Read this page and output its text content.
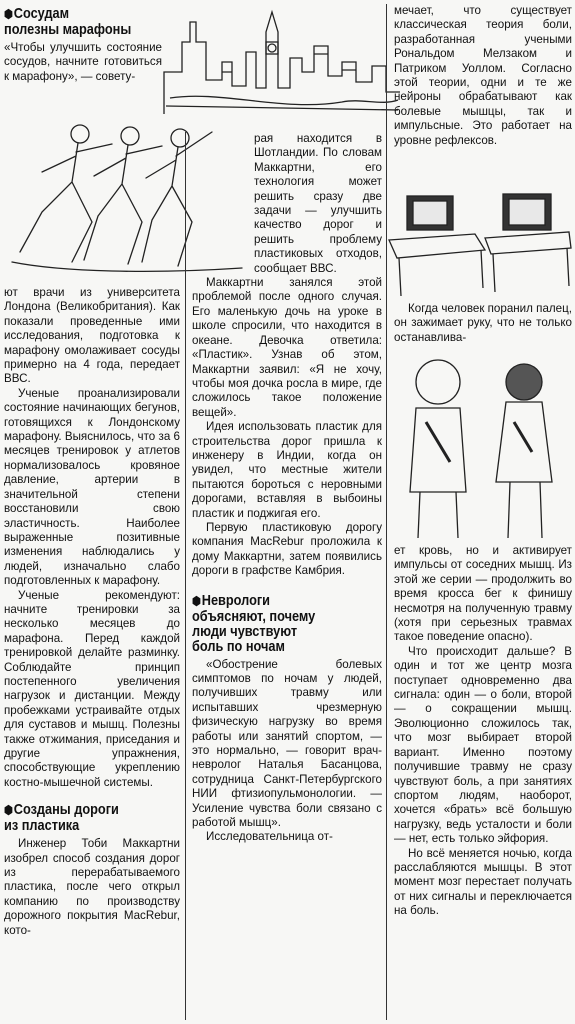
⬢Сосудам
полезны марафоны

«Чтобы улучшить состояние сосудов, начните готовиться к марафону», — совету-

ют врачи из университета Лондона (Великобритания). Как показали проведенные ими исследования, подготовка к марафону омолаживает сосуды примерно на 4 года, передает ВВС.

Ученые проанализировали состояние начинающих бегунов, готовящихся к Лондонскому марафону. Выяснилось, что за 6 месяцев тренировок у атлетов нормализовалось кровяное давление, артерии в значительной степени восстановили свою эластичность. Наиболее выраженные позитивные изменения наблюдались у людей, изначально слабо подготовленных к марафону.

Ученые рекомендуют: начните тренировки за несколько месяцев до марафона. Перед каждой тренировкой делайте разминку. Соблюдайте принцип постепенного увеличения нагрузок и дистанции. Между пробежками устраивайте отдых для суставов и мышц. Полезны также отжимания, приседания и другие упражнения, способствующие укреплению костно-мышечной системы.

⬢Созданы дороги
из пластика

Инженер Тоби Маккартни изобрел способ создания дорог из перерабатываемого пластика, после чего открыл компанию по производству дорожного покрытия MacRebur, кото-

рая находится в Шотландии. По словам Маккартни, его технология может решить сразу две задачи — улучшить качество дорог и решить проблему пластиковых отходов, сообщает ВВС.

Маккартни занялся этой проблемой после одного случая. Его маленькую дочь на уроке в школе спросили, что находится в океане. Девочка ответила: «Пластик». Узнав об этом, Маккартни заявил: «Я не хочу, чтобы моя дочка росла в мире, где сложилось такое положение вещей».

Идея использовать пластик для строительства дорог пришла к инженеру в Индии, когда он увидел, что местные жители пытаются бороться с неровными дорогами, вставляя в выбоины пластик и поджигая его.

Первую пластиковую дорогу компания MacRebur проложила к дому Маккартни, затем появились дороги в графстве Камбрия.

⬢Неврологи
объясняют, почему
люди чувствуют
боль по ночам

«Обострение болевых симптомов по ночам у людей, получивших травму или испытавших чрезмерную физическую нагрузку во время работы или занятий спортом, — это нормально, — говорит врач-невролог Наталья Басанцова, сотрудница Санкт-Петербургского НИИ фтизиопульмонологии. — Усиление чувства боли связано с работой мышц».

Исследовательница от-

мечает, что существует классическая теория боли, разработанная учеными Рональдом Мелзаком и Патриком Уоллом. Согласно этой теории, одни и те же нейроны обрабатывают как болевые мышцы, так и импульсные. Это работает на уровне рефлексов.

Когда человек поранил палец, он зажимает руку, что не только останавлива-

ет кровь, но и активирует импульсы от соседних мышц. Из этой же серии — продолжить во время кросса бег к финишу несмотря на полученную травму (хотя при серьезных травмах такое поведение опасно).

Что происходит дальше? В один и тот же центр мозга поступает одновременно два сигнала: один — о боли, второй — о сокращении мышц. Эволюционно сложилось так, что мозг выбирает второй вариант. Именно поэтому получившие травму не сразу чувствуют боль, а при занятиях спортом людям, наоборот, хочется «брать» всё большую нагрузку, ведь усталости и боли — нет, есть только эйфория.

Но всё меняется ночью, когда расслабляются мышцы. В этот момент мозг перестает получать от них сигналы и переключается на боль.
